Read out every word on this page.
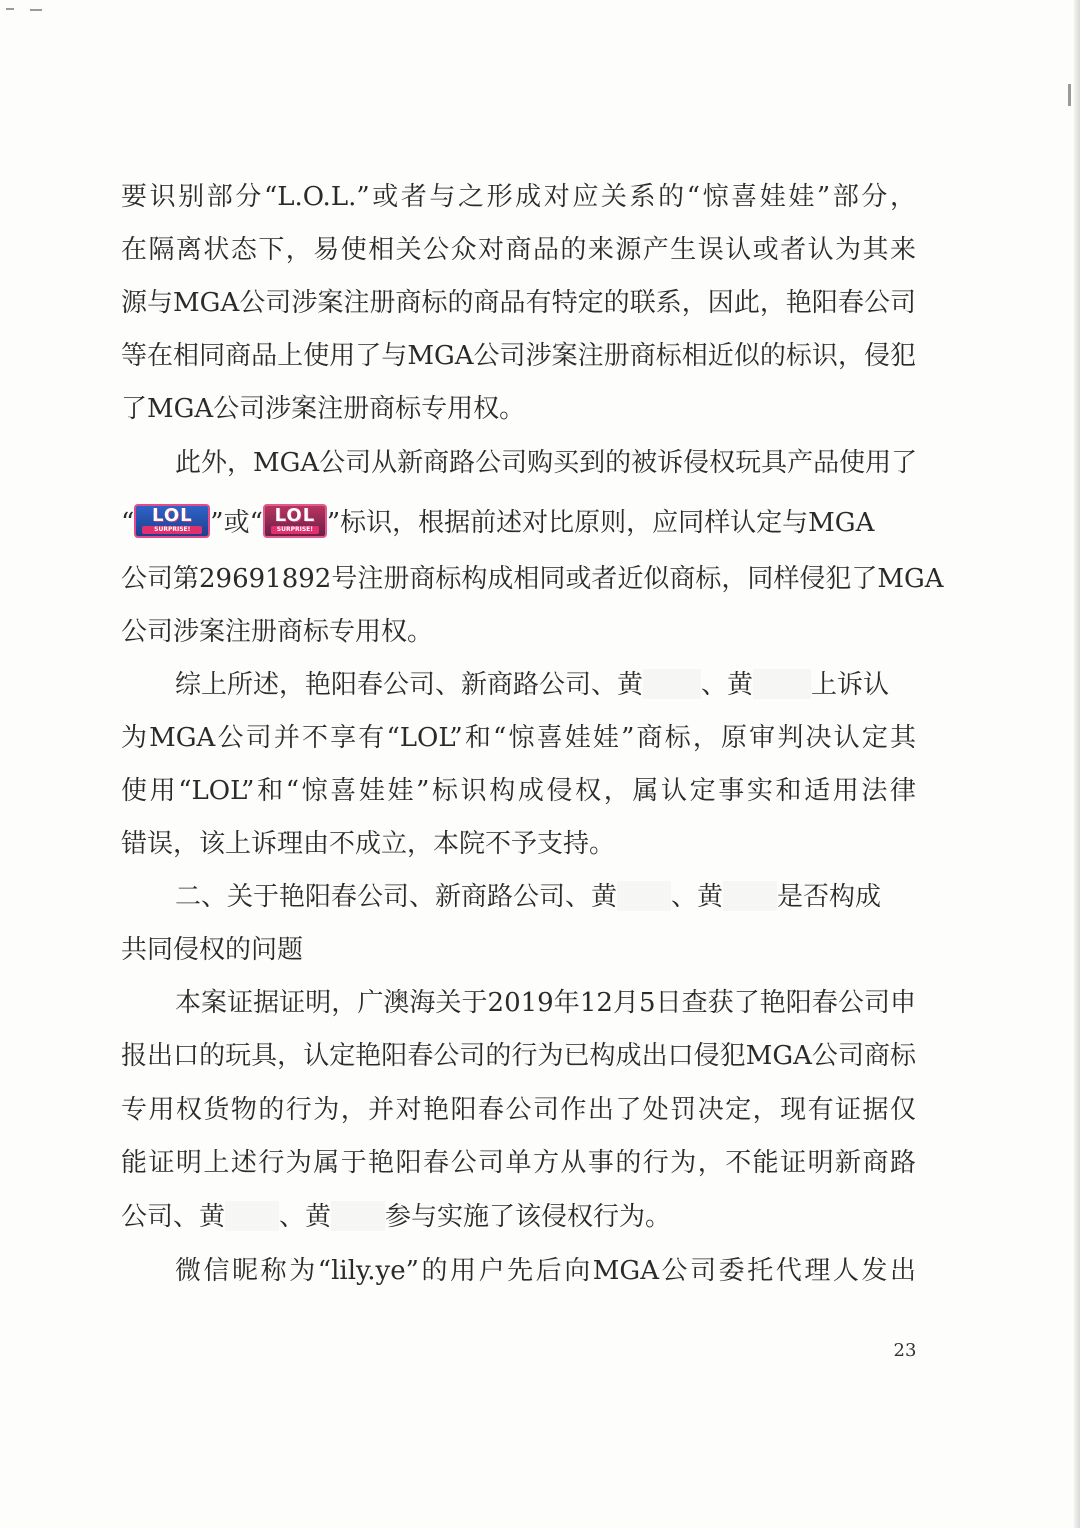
要识别部分“L.O.L.”或者与之形成对应关系的“惊喜娃娃”部分，
在隔离状态下，易使相关公众对商品的来源产生误认或者认为其来
源与MGA公司涉案注册商标的商品有特定的联系，因此，艳阳春公司
等在相同商品上使用了与MGA公司涉案注册商标相近似的标识，侵犯
了MGA公司涉案注册商标专用权。
此外，MGA公司从新商路公司购买到的被诉侵权玩具产品使用了
“ LOL
SURPRISE! ”或“ LOL
SURPRISE! ”标识，根据前述对比原则，应同样认定与MGA
公司第29691892号注册商标构成相同或者近似商标，同样侵犯了MGA
公司涉案注册商标专用权。
综上所述，艳阳春公司、新商路公司、黄 、黄 上诉认
为MGA公司并不享有“LOL”和“惊喜娃娃”商标，原审判决认定其
使用“LOL”和“惊喜娃娃”标识构成侵权，属认定事实和适用法律
错误，该上诉理由不成立，本院不予支持。
二、关于艳阳春公司、新商路公司、黄 、黄 是否构成
共同侵权的问题
本案证据证明，广澳海关于2019年12月5日查获了艳阳春公司申
报出口的玩具，认定艳阳春公司的行为已构成出口侵犯MGA公司商标
专用权货物的行为，并对艳阳春公司作出了处罚决定，现有证据仅
能证明上述行为属于艳阳春公司单方从事的行为，不能证明新商路
公司、黄 、黄 参与实施了该侵权行为。
微信昵称为“lily.ye”的用户先后向MGA公司委托代理人发出
23
